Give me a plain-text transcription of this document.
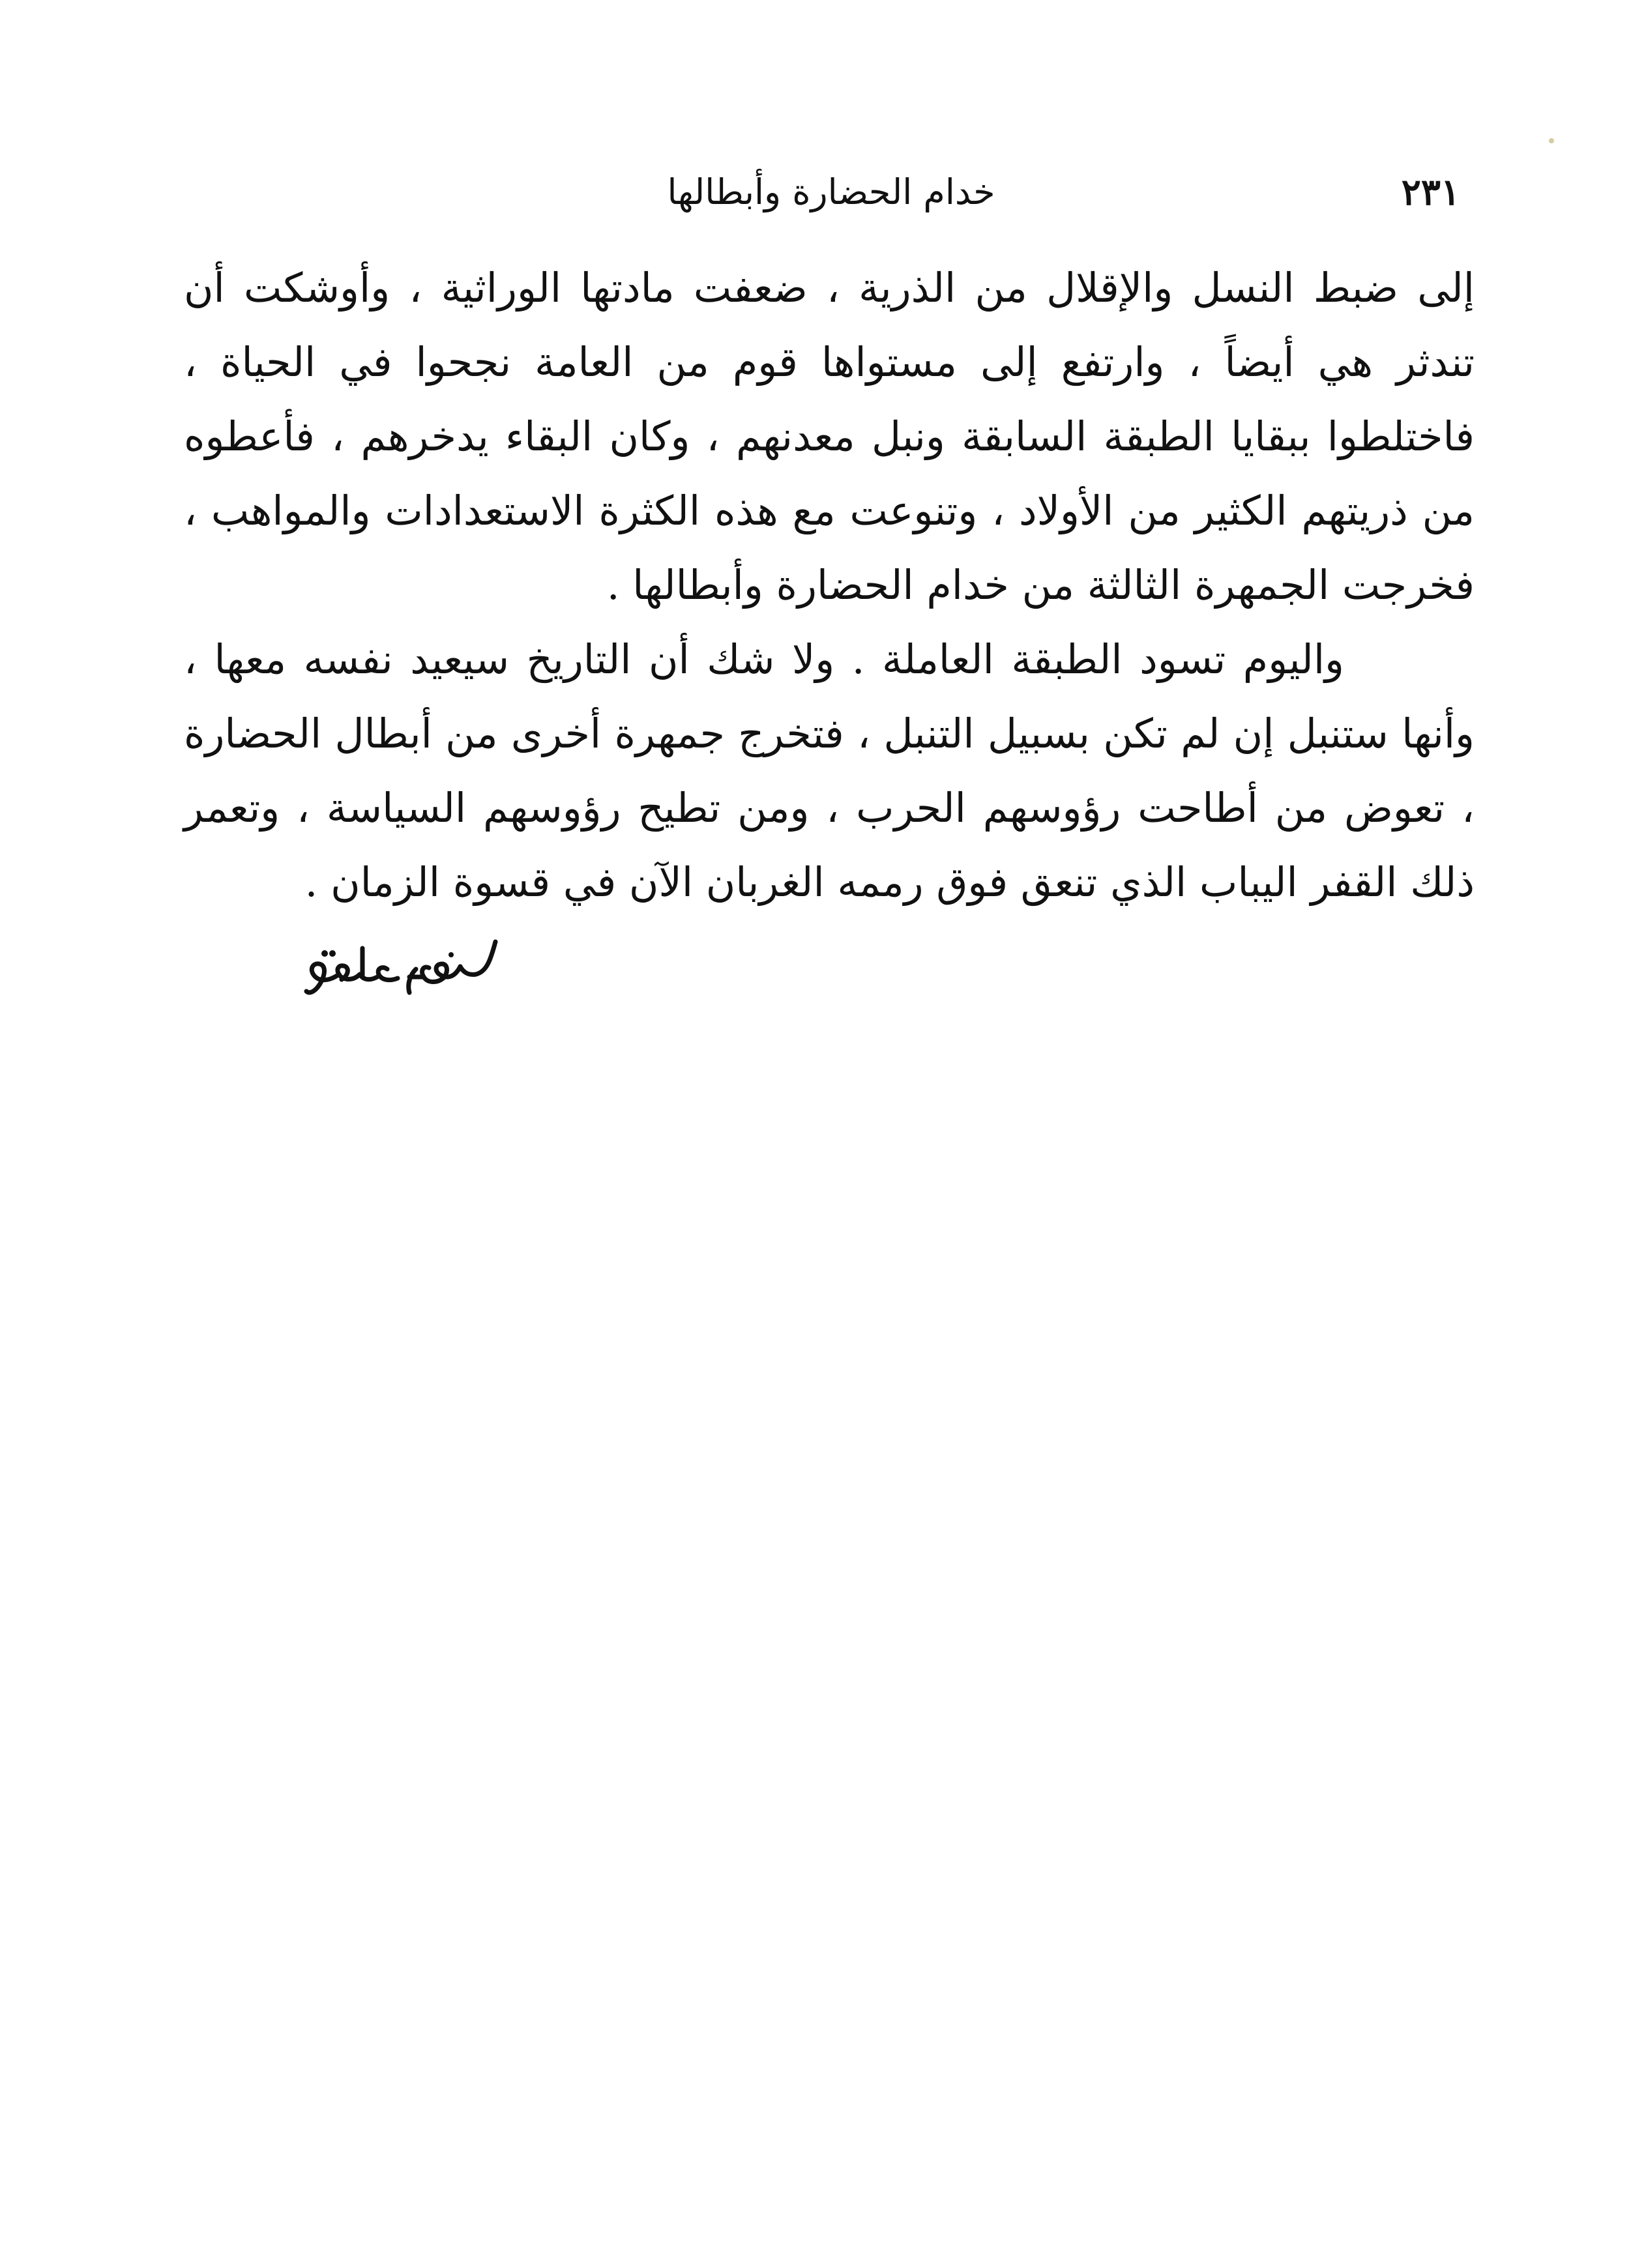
٢٣١
خدام الحضارة وأبطالها

إلى ضبط النسل والإقلال من الذرية ، ضعفت مادتها الوراثية ، وأوشكت أن تندثر هي أيضاً ، وارتفع إلى مستواها قوم من العامة نجحوا في الحياة ، فاختلطوا ببقايا الطبقة السابقة ونبل معدنهم ، وكان البقاء يدخرهم ، فأعطوه من ذريتهم الكثير من الأولاد ، وتنوعت مع هذه الكثرة الاستعدادات والمواهب ، فخرجت الجمهرة الثالثة من خدام الحضارة وأبطالها .

واليوم تسود الطبقة العاملة . ولا شك أن التاريخ سيعيد نفسه معها ، وأنها ستنبل إن لم تكن بسبيل التنبل ، فتخرج جمهرة أخرى من أبطال الحضارة ، تعوض من أطاحت رؤوسهم الحرب ، ومن تطيح رؤوسهم السياسة ، وتعمر ذلك القفر اليباب الذي تنعق فوق رممه الغربان الآن في قسوة الزمان .
